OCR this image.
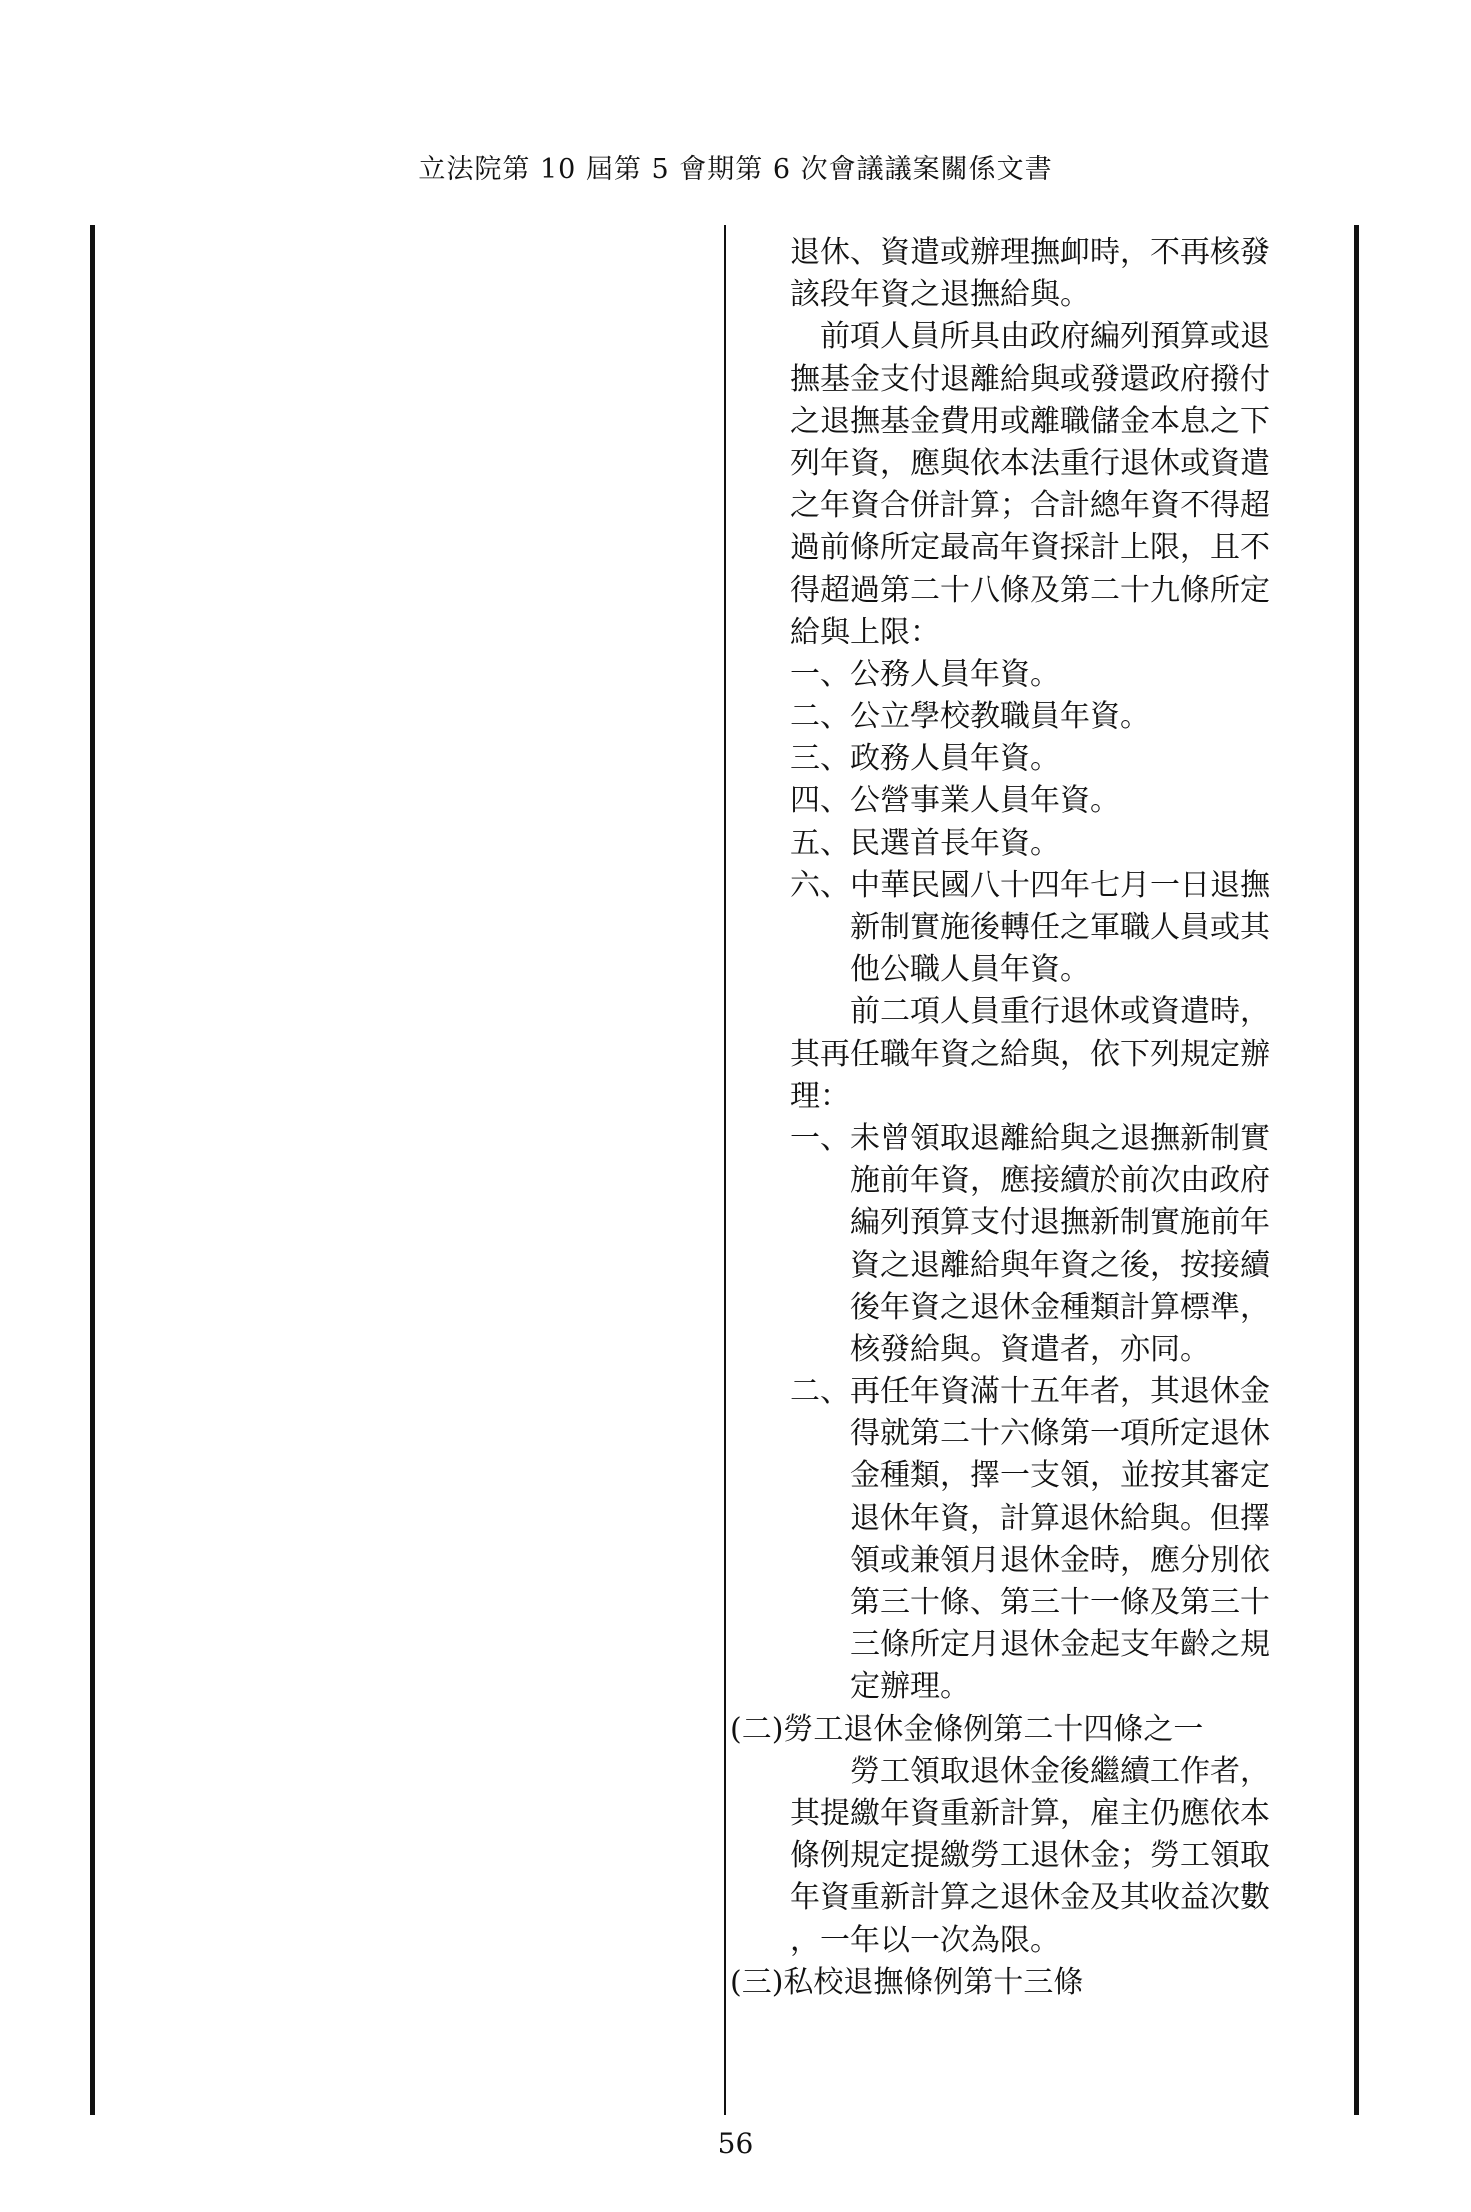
立法院第 10 屆第 5 會期第 6 次會議議案關係文書
退休、資遣或辦理撫卹時，不再核發
該段年資之退撫給與。
前項人員所具由政府編列預算或退
撫基金支付退離給與或發還政府撥付
之退撫基金費用或離職儲金本息之下
列年資，應與依本法重行退休或資遣
之年資合併計算；合計總年資不得超
過前條所定最高年資採計上限，且不
得超過第二十八條及第二十九條所定
給與上限：
一、公務人員年資。
二、公立學校教職員年資。
三、政務人員年資。
四、公營事業人員年資。
五、民選首長年資。
六、中華民國八十四年七月一日退撫
新制實施後轉任之軍職人員或其
他公職人員年資。
前二項人員重行退休或資遣時，
其再任職年資之給與，依下列規定辦
理：
一、未曾領取退離給與之退撫新制實
施前年資，應接續於前次由政府
編列預算支付退撫新制實施前年
資之退離給與年資之後，按接續
後年資之退休金種類計算標準，
核發給與。資遣者，亦同。
二、再任年資滿十五年者，其退休金
得就第二十六條第一項所定退休
金種類，擇一支領，並按其審定
退休年資，計算退休給與。但擇
領或兼領月退休金時，應分別依
第三十條、第三十一條及第三十
三條所定月退休金起支年齡之規
定辦理。
(二)勞工退休金條例第二十四條之一
勞工領取退休金後繼續工作者，
其提繳年資重新計算，雇主仍應依本
條例規定提繳勞工退休金；勞工領取
年資重新計算之退休金及其收益次數
，一年以一次為限。
(三)私校退撫條例第十三條
56
